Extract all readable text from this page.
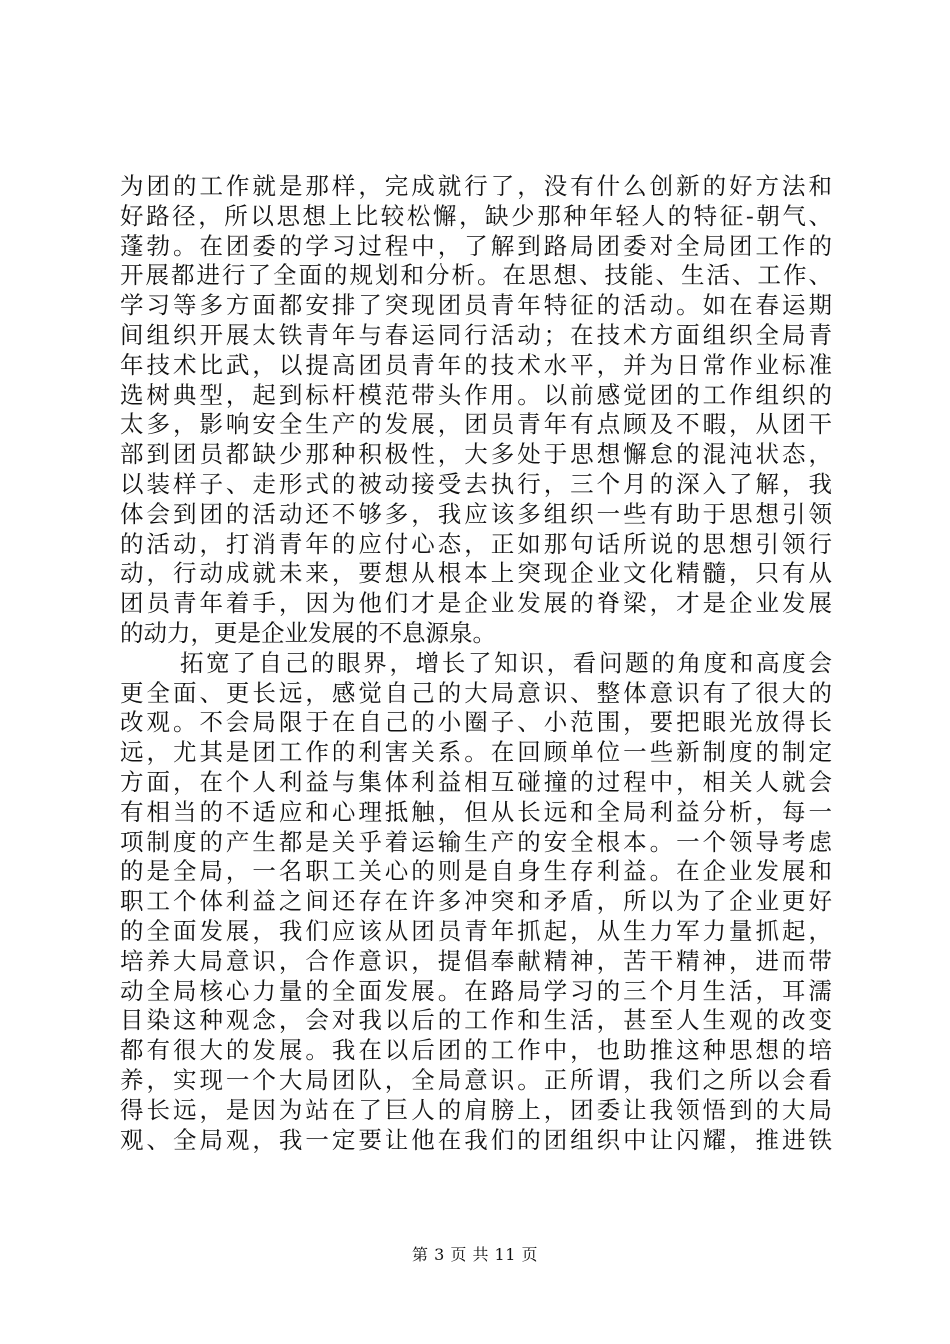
为团的工作就是那样，完成就行了，没有什么创新的好方法和
好路径，所以思想上比较松懈，缺少那种年轻人的特征-朝气、
蓬勃。在团委的学习过程中，了解到路局团委对全局团工作的
开展都进行了全面的规划和分析。在思想、技能、生活、工作、
学习等多方面都安排了突现团员青年特征的活动。如在春运期
间组织开展太铁青年与春运同行活动；在技术方面组织全局青
年技术比武，以提高团员青年的技术水平，并为日常作业标准
选树典型，起到标杆模范带头作用。以前感觉团的工作组织的
太多，影响安全生产的发展，团员青年有点顾及不暇，从团干
部到团员都缺少那种积极性，大多处于思想懈怠的混沌状态，
以装样子、走形式的被动接受去执行，三个月的深入了解，我
体会到团的活动还不够多，我应该多组织一些有助于思想引领
的活动，打消青年的应付心态，正如那句话所说的思想引领行
动，行动成就未来，要想从根本上突现企业文化精髓，只有从
团员青年着手，因为他们才是企业发展的脊梁，才是企业发展
的动力，更是企业发展的不息源泉。
拓宽了自己的眼界，增长了知识，看问题的角度和高度会
更全面、更长远，感觉自己的大局意识、整体意识有了很大的
改观。不会局限于在自己的小圈子、小范围，要把眼光放得长
远，尤其是团工作的利害关系。在回顾单位一些新制度的制定
方面，在个人利益与集体利益相互碰撞的过程中，相关人就会
有相当的不适应和心理抵触，但从长远和全局利益分析，每一
项制度的产生都是关乎着运输生产的安全根本。一个领导考虑
的是全局，一名职工关心的则是自身生存利益。在企业发展和
职工个体利益之间还存在许多冲突和矛盾，所以为了企业更好
的全面发展，我们应该从团员青年抓起，从生力军力量抓起，
培养大局意识，合作意识，提倡奉献精神，苦干精神，进而带
动全局核心力量的全面发展。在路局学习的三个月生活，耳濡
目染这种观念，会对我以后的工作和生活，甚至人生观的改变
都有很大的发展。我在以后团的工作中，也助推这种思想的培
养，实现一个大局团队，全局意识。正所谓，我们之所以会看
得长远，是因为站在了巨人的肩膀上，团委让我领悟到的大局
观、全局观，我一定要让他在我们的团组织中让闪耀，推进铁
第 3 页 共 11 页
